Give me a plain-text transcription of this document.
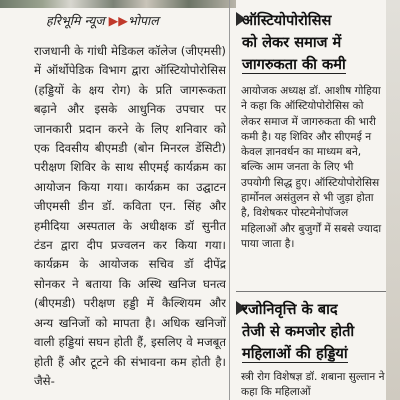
हरिभूमि न्यूज ▶▶भोपाल
राजधानी के गांधी मेडिकल कॉलेज (जीएमसी) में ऑर्थोपेडिक विभाग द्वारा ऑस्टियोपोरोसिस (हड्डियों के क्षय रोग) के प्रति जागरूकता बढ़ाने और इसके आधुनिक उपचार पर जानकारी प्रदान करने के लिए शनिवार को एक दिवसीय बीएमडी (बोन मिनरल डेंसिटी) परीक्षण शिविर के साथ सीएमई कार्यक्रम का आयोजन किया गया। कार्यक्रम का उद्घाटन जीएमसी डीन डॉ. कविता एन. सिंह और हमीदिया अस्पताल के अधीक्षक डॉ सुनीत टंडन द्वारा दीप प्रज्वलन कर किया गया। कार्यक्रम के आयोजक सचिव डॉ दीपेंद्र सोनकर ने बताया कि अस्थि खनिज घनत्व (बीएमडी) परीक्षण हड्डी में कैल्शियम और अन्य खनिजों को मापता है। अधिक खनिजों वाली हड्डियां सघन होती हैं, इसलिए वे मजबूत होती हैं और टूटने की संभावना कम होती है। जैसे-
ऑस्टियोपोरोसिस
को लेकर समाज में
जागरुकता की कमी
आयोजक अध्यक्ष डॉ. आशीष गोहिया ने कहा कि ऑस्टियोपोरोसिस को लेकर समाज में जागरुकता की भारी कमी है। यह शिविर और सीएमई न केवल ज्ञानवर्धन का माध्यम बने, बल्कि आम जनता के लिए भी उपयोगी सिद्ध हुए। ऑस्टियोपोरोसिस हार्मोनल असंतुलन से भी जुड़ा होता है, विशेषकर पोस्टमेनोपॉजल महिलाओं और बुजुर्गों में सबसे ज्यादा पाया जाता है।
रजोनिवृत्ति के बाद
तेजी से कमजोर होती
महिलाओं की हड्डियां
स्त्री रोग विशेषज्ञ डॉ. शबाना सुल्तान ने कहा कि महिलाओं
